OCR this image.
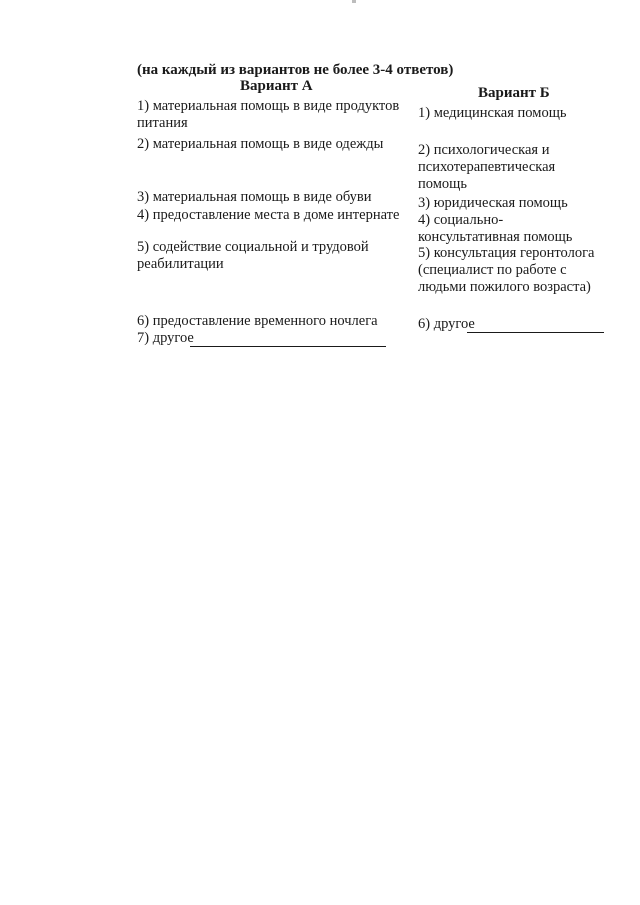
(на каждый из вариантов не более 3-4 ответов)
Вариант А	Вариант Б
1) материальная помощь в виде продуктов питания
2) материальная помощь в виде одежды
3) материальная помощь в виде обуви
4) предоставление места в доме интернате
5) содействие социальной и трудовой реабилитации
6) предоставление временного ночлега
7) другое
1) медицинская помощь
2) психологическая и психотерапевтическая помощь
3) юридическая помощь
4) социально-консультативная помощь
5) консультация геронтолога (специалист по работе с людьми пожилого возраста)
6) другое
